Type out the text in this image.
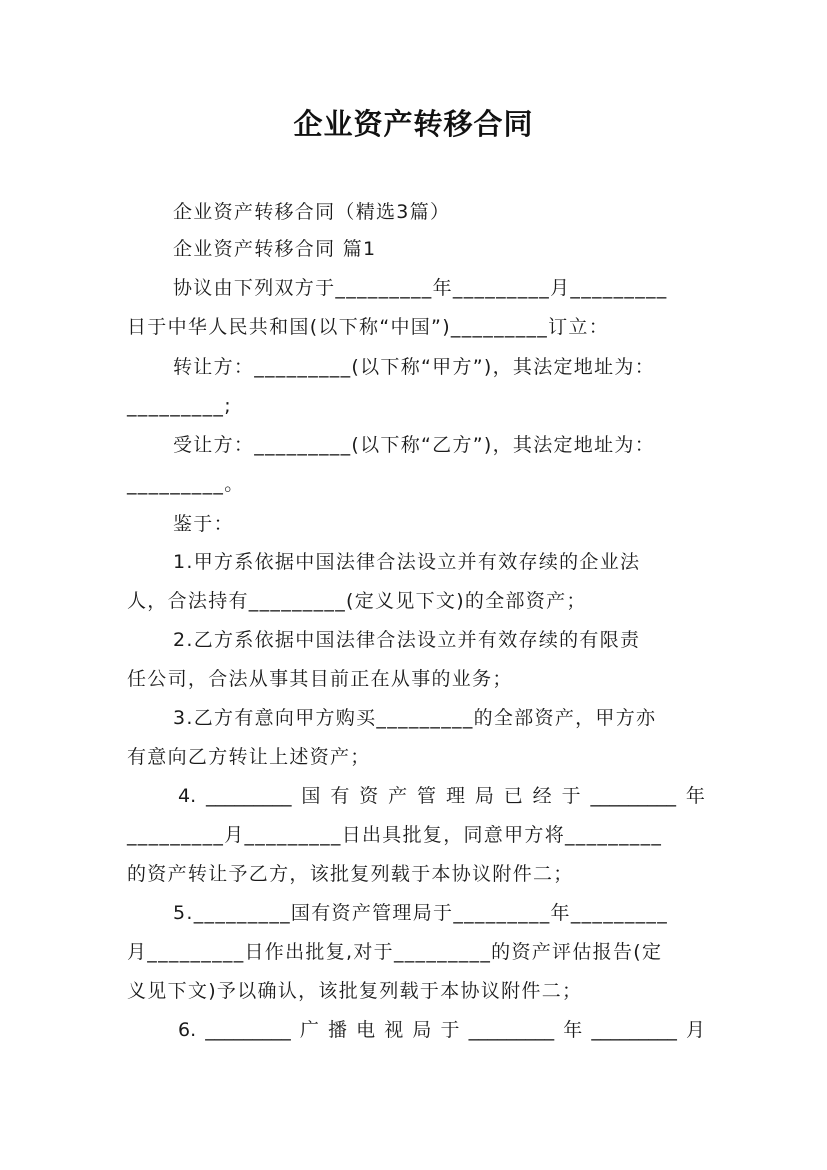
企业资产转移合同
企业资产转移合同（精选3篇）
企业资产转移合同 篇1
协议由下列双方于_________年_________月_________
日于中华人民共和国(以下称“中国”)_________订立：
转让方：_________(以下称“甲方”)，其法定地址为：
_________;
受让方：_________(以下称“乙方”)，其法定地址为：
_________。
鉴于：
1.甲方系依据中国法律合法设立并有效存续的企业法
人，合法持有_________(定义见下文)的全部资产；
2.乙方系依据中国法律合法设立并有效存续的有限责
任公司，合法从事其目前正在从事的业务；
3.乙方有意向甲方购买_________的全部资产，甲方亦
有意向乙方转让上述资产；
4. _________ 国 有 资 产 管 理 局 已 经 于 _________ 年
_________月_________日出具批复，同意甲方将_________
的资产转让予乙方，该批复列载于本协议附件二；
5._________国有资产管理局于_________年_________
月_________日作出批复,对于_________的资产评估报告(定
义见下文)予以确认，该批复列载于本协议附件二；
6. _________ 广 播 电 视 局 于 _________ 年 _________ 月
